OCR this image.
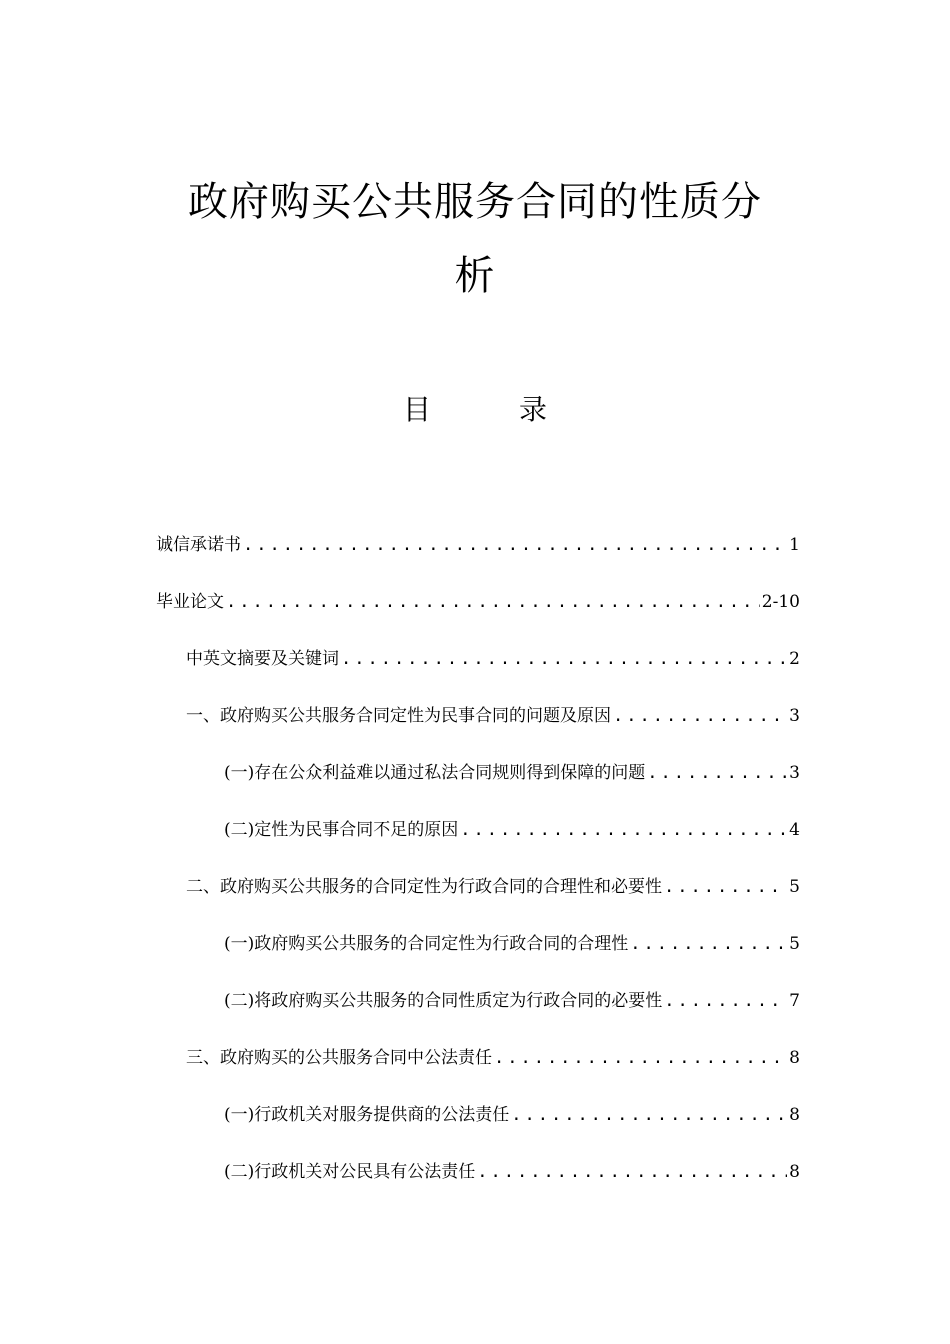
政府购买公共服务合同的性质分
析
目　录
诚信承诺书 .....	1
毕业论文 .....	2-10
中英文摘要及关键词 .....	2
一、政府购买公共服务合同定性为民事合同的问题及原因 .....	3
(一)存在公众利益难以通过私法合同规则得到保障的问题 .....	3
(二)定性为民事合同不足的原因 .....	4
二、政府购买公共服务的合同定性为行政合同的合理性和必要性 .....	5
(一)政府购买公共服务的合同定性为行政合同的合理性 .....	5
(二)将政府购买公共服务的合同性质定为行政合同的必要性 .....	7
三、政府购买的公共服务合同中公法责任 .....	8
(一)行政机关对服务提供商的公法责任 .....	8
(二)行政机关对公民具有公法责任 .....	8
